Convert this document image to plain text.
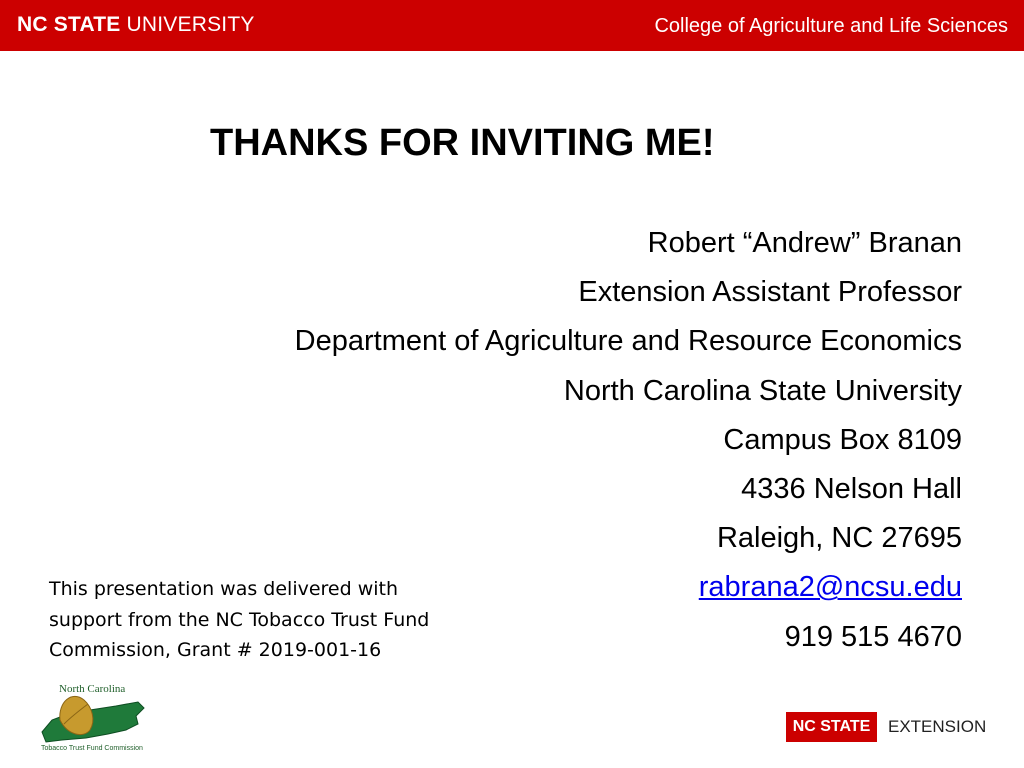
NC STATE UNIVERSITY	College of Agriculture and Life Sciences
THANKS FOR INVITING ME!
Robert “Andrew” Branan
Extension Assistant Professor
Department of Agriculture and Resource Economics
North Carolina State University
Campus Box 8109
4336 Nelson Hall
Raleigh, NC 27695
rabrana2@ncsu.edu
919 515 4670
This presentation was delivered with
support from the NC Tobacco Trust Fund
Commission, Grant # 2019-001-16
North Carolina
Tobacco Trust Fund Commission
NC STATE	EXTENSION
